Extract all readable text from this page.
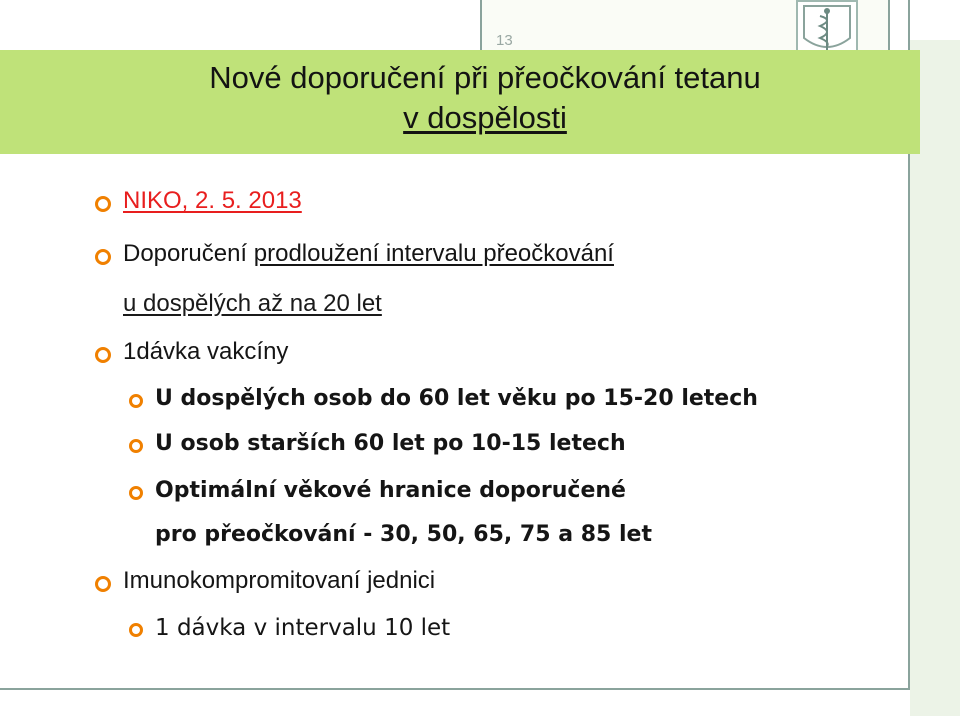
13
Nové doporučení při přeočkování tetanu
v dospělosti
NIKO, 2. 5. 2013
Doporučení prodloužení intervalu přeočkování
u dospělých až na 20 let
1dávka vakcíny
U dospělých osob do 60 let věku po 15-20 letech
U osob starších 60 let po 10-15 letech
Optimální věkové hranice doporučené
pro přeočkování - 30, 50, 65, 75 a 85 let
Imunokompromitovaní jednici
1 dávka v intervalu 10 let
